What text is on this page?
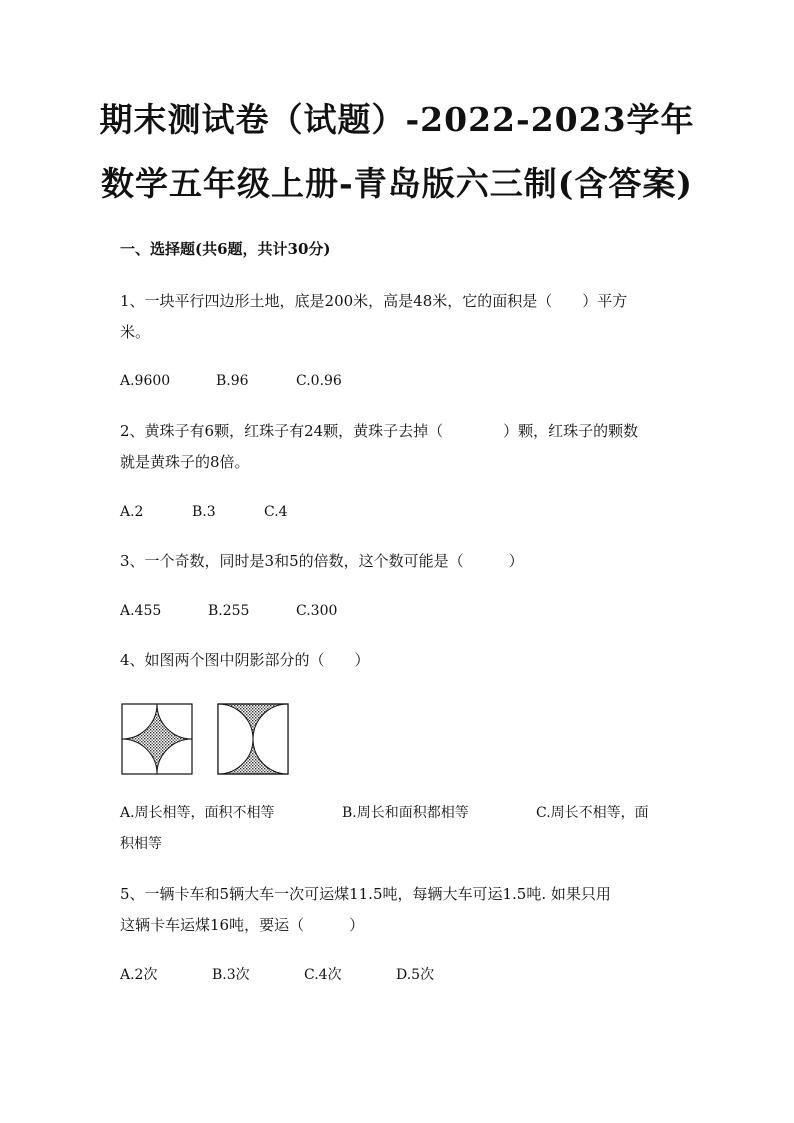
期末测试卷（试题）-2022-2023学年
数学五年级上册-青岛版六三制(含答案)
一、选择题(共6题，共计30分)
1、一块平行四边形土地，底是200米，高是48米，它的面积是（　　）平方
米。
A.9600	B.96	C.0.96
2、黄珠子有6颗，红珠子有24颗，黄珠子去掉（　　　　）颗，红珠子的颗数
就是黄珠子的8倍。
A.2	B.3	C.4
3、一个奇数，同时是3和5的倍数，这个数可能是（　　　）
A.455	B.255	C.300
4、如图两个图中阴影部分的（　　）
A.周长相等，面积不相等	B.周长和面积都相等	C.周长不相等，面
积相等
5、一辆卡车和5辆大车一次可运煤11.5吨，每辆大车可运1.5吨. 如果只用
这辆卡车运煤16吨，要运（　　　）
A.2次	B.3次	C.4次	D.5次
